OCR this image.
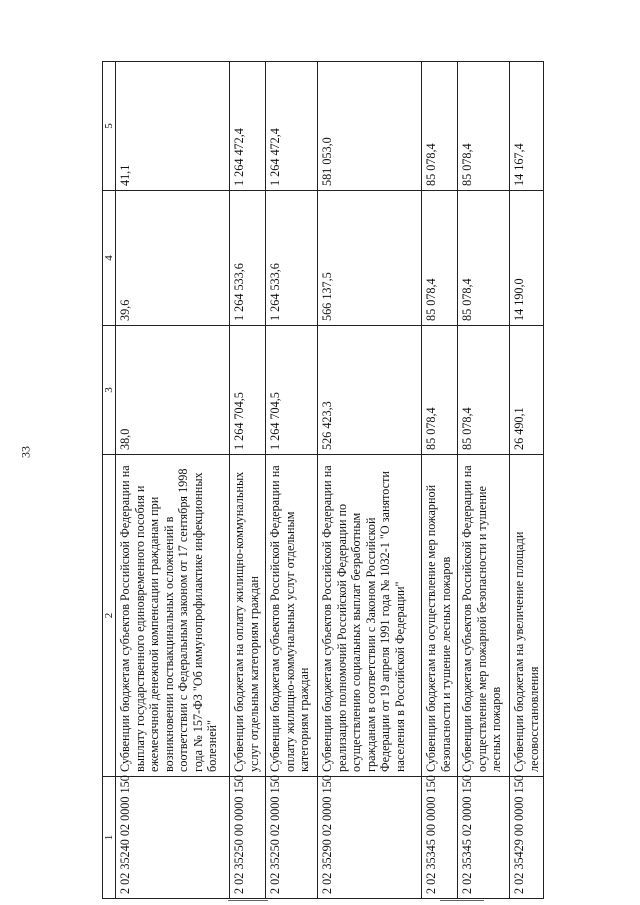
33
1	2	3	4	5
2 02 35240 02 0000 150	Субвенции бюджетам субъектов Российской Федерации на выплату государственного единовременного пособия и ежемесячной денежной компенсации гражданам при возникновении поствакцинальных осложнений в соответствии с Федеральным законом от 17 сентября 1998 года № 157-ФЗ "Об иммунопрофилактике инфекционных болезней"	38,0	39,6	41,1
2 02 35250 00 0000 150	Субвенции бюджетам на оплату жилищно-коммунальных услуг отдельным категориям граждан	1 264 704,5	1 264 533,6	1 264 472,4
2 02 35250 02 0000 150	Субвенции бюджетам субъектов Российской Федерации на оплату жилищно-коммунальных услуг отдельным категориям граждан	1 264 704,5	1 264 533,6	1 264 472,4
2 02 35290 02 0000 150	Субвенции бюджетам субъектов Российской Федерации на реализацию полномочий Российской Федерации по осуществлению социальных выплат безработным гражданам в соответствии с Законом Российской Федерации от 19 апреля 1991 года № 1032-1 "О занятости населения в Российской Федерации"	526 423,3	566 137,5	581 053,0
2 02 35345 00 0000 150	Субвенции бюджетам на осуществление мер пожарной безопасности и тушение лесных пожаров	85 078,4	85 078,4	85 078,4
2 02 35345 02 0000 150	Субвенции бюджетам субъектов Российской Федерации на осуществление мер пожарной безопасности и тушение лесных пожаров	85 078,4	85 078,4	85 078,4
2 02 35429 00 0000 150	Субвенции бюджетам на увеличение площади лесовосстановления	26 490,1	14 190,0	14 167,4
